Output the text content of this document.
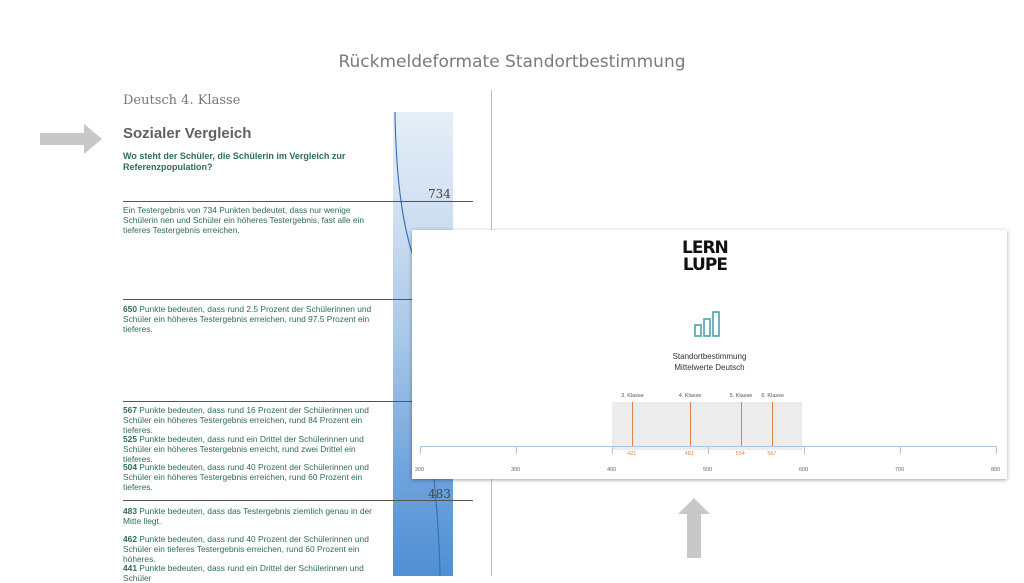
Rückmeldeformate Standortbestimmung
Deutsch 4. Klasse
Sozialer Vergleich
Wo steht der Schüler, die Schülerin im Vergleich zur Referenzpopulation?
734
483
Ein Testergebnis von 734 Punkten bedeutet, dass nur wenige Schülerin nen und Schüler ein höheres Testergebnis, fast alle ein tieferes Testergebnis erreichen.
650 Punkte bedeuten, dass rund 2.5 Prozent der Schülerinnen und Schüler ein höheres Testergebnis erreichen, rund 97.5 Prozent ein tieferes.
567 Punkte bedeuten, dass rund 16 Prozent der Schülerinnen und Schüler ein höheres Testergebnis erreichen, rund 84 Prozent ein tieferes.
525 Punkte bedeuten, dass rund ein Drittel der Schülerinnen und Schüler ein höheres Testergebnis erreicht, rund zwei Drittel ein tieferes.
504 Punkte bedeuten, dass rund 40 Prozent der Schülerinnen und Schüler ein höheres Testergebnis erreichen, rund 60 Prozent ein tieferes.
483 Punkte bedeuten, dass das Testergebnis ziemlich genau in der Mitte liegt.
462 Punkte bedeuten, dass rund 40 Prozent der Schülerinnen und Schüler ein tieferes Testergebnis erreichen, rund 60 Prozent ein höheres.
441 Punkte bedeuten, dass rund ein Drittel der Schülerinnen und Schüler
LERN
LUPE
Standortbestimmung
Mittelwerte Deutsch
3. Klasse
421
4. Klasse
481
5. Klasse
534
6. Klasse
567
200	300	400	500	600	700	800
